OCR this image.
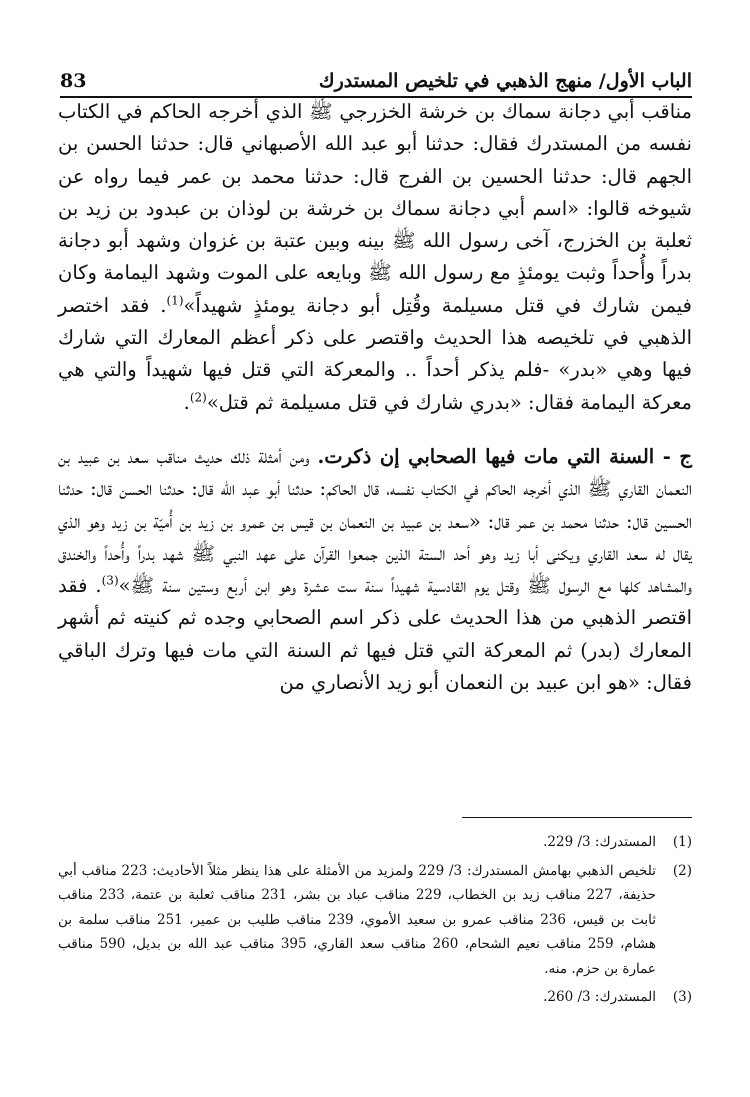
83	الباب الأول/ منهج الذهبي في تلخيص المستدرك

مناقب أبي دجانة سماك بن خرشة الخزرجي ﷺ الذي أخرجه الحاكم في الكتاب نفسه من المستدرك فقال: حدثنا أبو عبد الله الأصبهاني قال: حدثنا الحسن بن الجهم قال: حدثنا الحسين بن الفرج قال: حدثنا محمد بن عمر فيما رواه عن شيوخه قالوا: «اسم أبي دجانة سماك بن خرشة بن لوذان بن عبدود بن زيد بن ثعلبة بن الخزرج، آخى رسول الله ﷺ بينه وبين عتبة بن غزوان وشهد أبو دجانة بدراً وأُحداً وثبت يومئذٍ مع رسول الله ﷺ وبايعه على الموت وشهد اليمامة وكان فيمن شارك في قتل مسيلمة وقُتِل أبو دجانة يومئذٍ شهيداً»$^{(1)}$. فقد اختصر الذهبي في تلخيصه هذا الحديث واقتصر على ذكر أعظم المعارك التي شارك فيها وهي «بدر» -فلم يذكر أحداً .. والمعركة التي قتل فيها شهيداً والتي هي معركة اليمامة فقال: «بدري شارك في قتل مسيلمة ثم قتل»$^{(2)}$.

ج - السنة التي مات فيها الصحابي إن ذكرت. ومن أمثلة ذلك حديث مناقب سعد بن عبيد بن النعمان القاري ﷺ الذي أخرجه الحاكم في الكتاب نفسه، قال الحاكم: حدثنا أبو عبد الله قال: حدثنا الحسن قال: حدثنا الحسين قال: حدثنا محمد بن عمر قال: «سعد بن عبيد بن النعمان بن قيس بن عمرو بن زيد بن أُميّة بن زيد وهو الذي يقال له سعد القاري ويكنى أبا زيد وهو أحد الستة الذين جمعوا القرآن على عهد النبي ﷺ شهد بدراً وأُحداً والخندق والمشاهد كلها مع الرسول ﷺ وقتل يوم القادسية شهيداً سنة ست عشرة وهو ابن أربع وستين سنة ﷺ»$^{(3)}$. فقد اقتصر الذهبي من هذا الحديث على ذكر اسم الصحابي وجده ثم كنيته ثم أشهر المعارك (بدر) ثم المعركة التي قتل فيها ثم السنة التي مات فيها وترك الباقي فقال: «هو ابن عبيد بن النعمان أبو زيد الأنصاري من

(1)
المستدرك: 3/ 229.
(2)
تلخيص الذهبي بهامش المستدرك: 3/ 229 ولمزيد من الأمثلة على هذا ينظر مثلاً الأحاديث: 223 مناقب أبي حذيفة، 227 مناقب زيد بن الخطاب، 229 مناقب عباد بن بشر، 231 مناقب ثعلبة بن عتمة، 233 مناقب ثابت بن قيس، 236 مناقب عمرو بن سعيد الأموي، 239 مناقب طليب بن عمير، 251 مناقب سلمة بن هشام، 259 مناقب نعيم الشحام، 260 مناقب سعد القاري، 395 مناقب عبد الله بن بديل، 590 مناقب عمارة بن حزم. منه.
(3)
المستدرك: 3/ 260.
